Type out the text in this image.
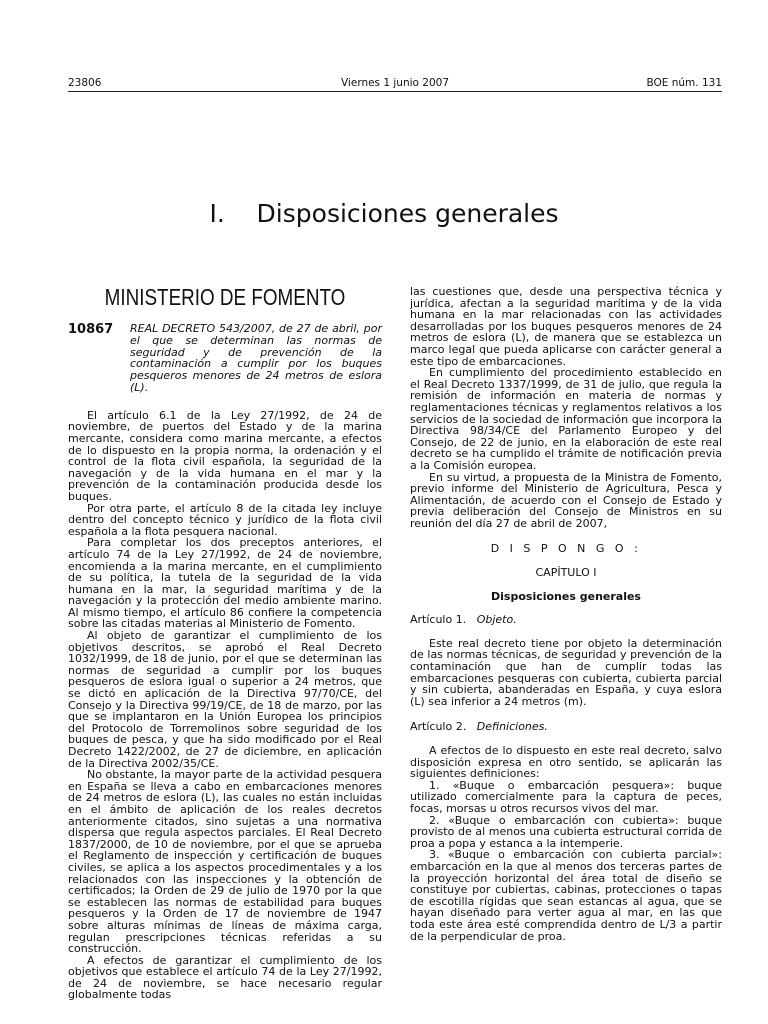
23806	Viernes 1 junio 2007	BOE núm. 131
I.    Disposiciones generales
MINISTERIO DE FOMENTO
10867	REAL DECRETO 543/2007, de 27 de abril, por el que se determinan las normas de seguridad y de prevención de la contaminación a cumplir por los buques pesqueros menores de 24 metros de eslora (L).

El artículo 6.1 de la Ley 27/1992, de 24 de noviembre, de puertos del Estado y de la marina mercante, considera como marina mercante, a efectos de lo dispuesto en la propia norma, la ordenación y el control de la flota civil española, la seguridad de la navegación y de la vida humana en el mar y la prevención de la contaminación producida desde los buques.

Por otra parte, el artículo 8 de la citada ley incluye dentro del concepto técnico y jurídico de la flota civil española a la flota pesquera nacional.

Para completar los dos preceptos anteriores, el artículo 74 de la Ley 27/1992, de 24 de noviembre, encomienda a la marina mercante, en el cumplimiento de su política, la tutela de la seguridad de la vida humana en la mar, la seguridad marítima y de la navegación y la protección del medio ambiente marino. Al mismo tiempo, el artículo 86 confiere la competencia sobre las citadas materias al Ministerio de Fomento.

Al objeto de garantizar el cumplimiento de los objetivos descritos, se aprobó el Real Decreto 1032/1999, de 18 de junio, por el que se determinan las normas de seguridad a cumplir por los buques pesqueros de eslora igual o superior a 24 metros, que se dictó en aplicación de la Directiva 97/70/CE, del Consejo y la Directiva 99/19/CE, de 18 de marzo, por las que se implantaron en la Unión Europea los principios del Protocolo de Torremolinos sobre seguridad de los buques de pesca, y que ha sido modificado por el Real Decreto 1422/2002, de 27 de diciembre, en aplicación de la Directiva 2002/35/CE.

No obstante, la mayor parte de la actividad pesquera en España se lleva a cabo en embarcaciones menores de 24 metros de eslora (L), las cuales no están incluidas en el ámbito de aplicación de los reales decretos anteriormente citados, sino sujetas a una normativa dispersa que regula aspectos parciales. El Real Decreto 1837/2000, de 10 de noviembre, por el que se aprueba el Reglamento de inspección y certificación de buques civiles, se aplica a los aspectos procedimentales y a los relacionados con las inspecciones y la obtención de certificados; la Orden de 29 de julio de 1970 por la que se establecen las normas de estabilidad para buques pesqueros y la Orden de 17 de noviembre de 1947 sobre alturas mínimas de líneas de máxima carga, regulan prescripciones técnicas referidas a su construcción.

A efectos de garantizar el cumplimiento de los objetivos que establece el artículo 74 de la Ley 27/1992, de 24 de noviembre, se hace necesario regular globalmente todas

las cuestiones que, desde una perspectiva técnica y jurídica, afectan a la seguridad marítima y de la vida humana en la mar relacionadas con las actividades desarrolladas por los buques pesqueros menores de 24 metros de eslora (L), de manera que se establezca un marco legal que pueda aplicarse con carácter general a este tipo de embarcaciones.

En cumplimiento del procedimiento establecido en el Real Decreto 1337/1999, de 31 de julio, que regula la remisión de información en materia de normas y reglamentaciones técnicas y reglamentos relativos a los servicios de la sociedad de información que incorpora la Directiva 98/34/CE del Parlamento Europeo y del Consejo, de 22 de junio, en la elaboración de este real decreto se ha cumplido el trámite de notificación previa a la Comisión europea.

En su virtud, a propuesta de la Ministra de Fomento, previo informe del Ministerio de Agricultura, Pesca y Alimentación, de acuerdo con el Consejo de Estado y previa deliberación del Consejo de Ministros en su reunión del día 27 de abril de 2007,

D I S P O N G O :
CAPÍTULO I
Disposiciones generales
Artículo 1. Objeto.

Este real decreto tiene por objeto la determinación de las normas técnicas, de seguridad y prevención de la contaminación que han de cumplir todas las embarcaciones pesqueras con cubierta, cubierta parcial y sin cubierta, abanderadas en España, y cuya eslora (L) sea inferior a 24 metros (m).

Artículo 2. Definiciones.

A efectos de lo dispuesto en este real decreto, salvo disposición expresa en otro sentido, se aplicarán las siguientes definiciones:

1. «Buque o embarcación pesquera»: buque utilizado comercialmente para la captura de peces, focas, morsas u otros recursos vivos del mar.

2. «Buque o embarcación con cubierta»: buque provisto de al menos una cubierta estructural corrida de proa a popa y estanca a la intemperie.

3. «Buque o embarcación con cubierta parcial»: embarcación en la que al menos dos terceras partes de la proyección horizontal del área total de diseño se constituye por cubiertas, cabinas, protecciones o tapas de escotilla rígidas que sean estancas al agua, que se hayan diseñado para verter agua al mar, en las que toda este área esté comprendida dentro de L/3 a partir de la perpendicular de proa.
